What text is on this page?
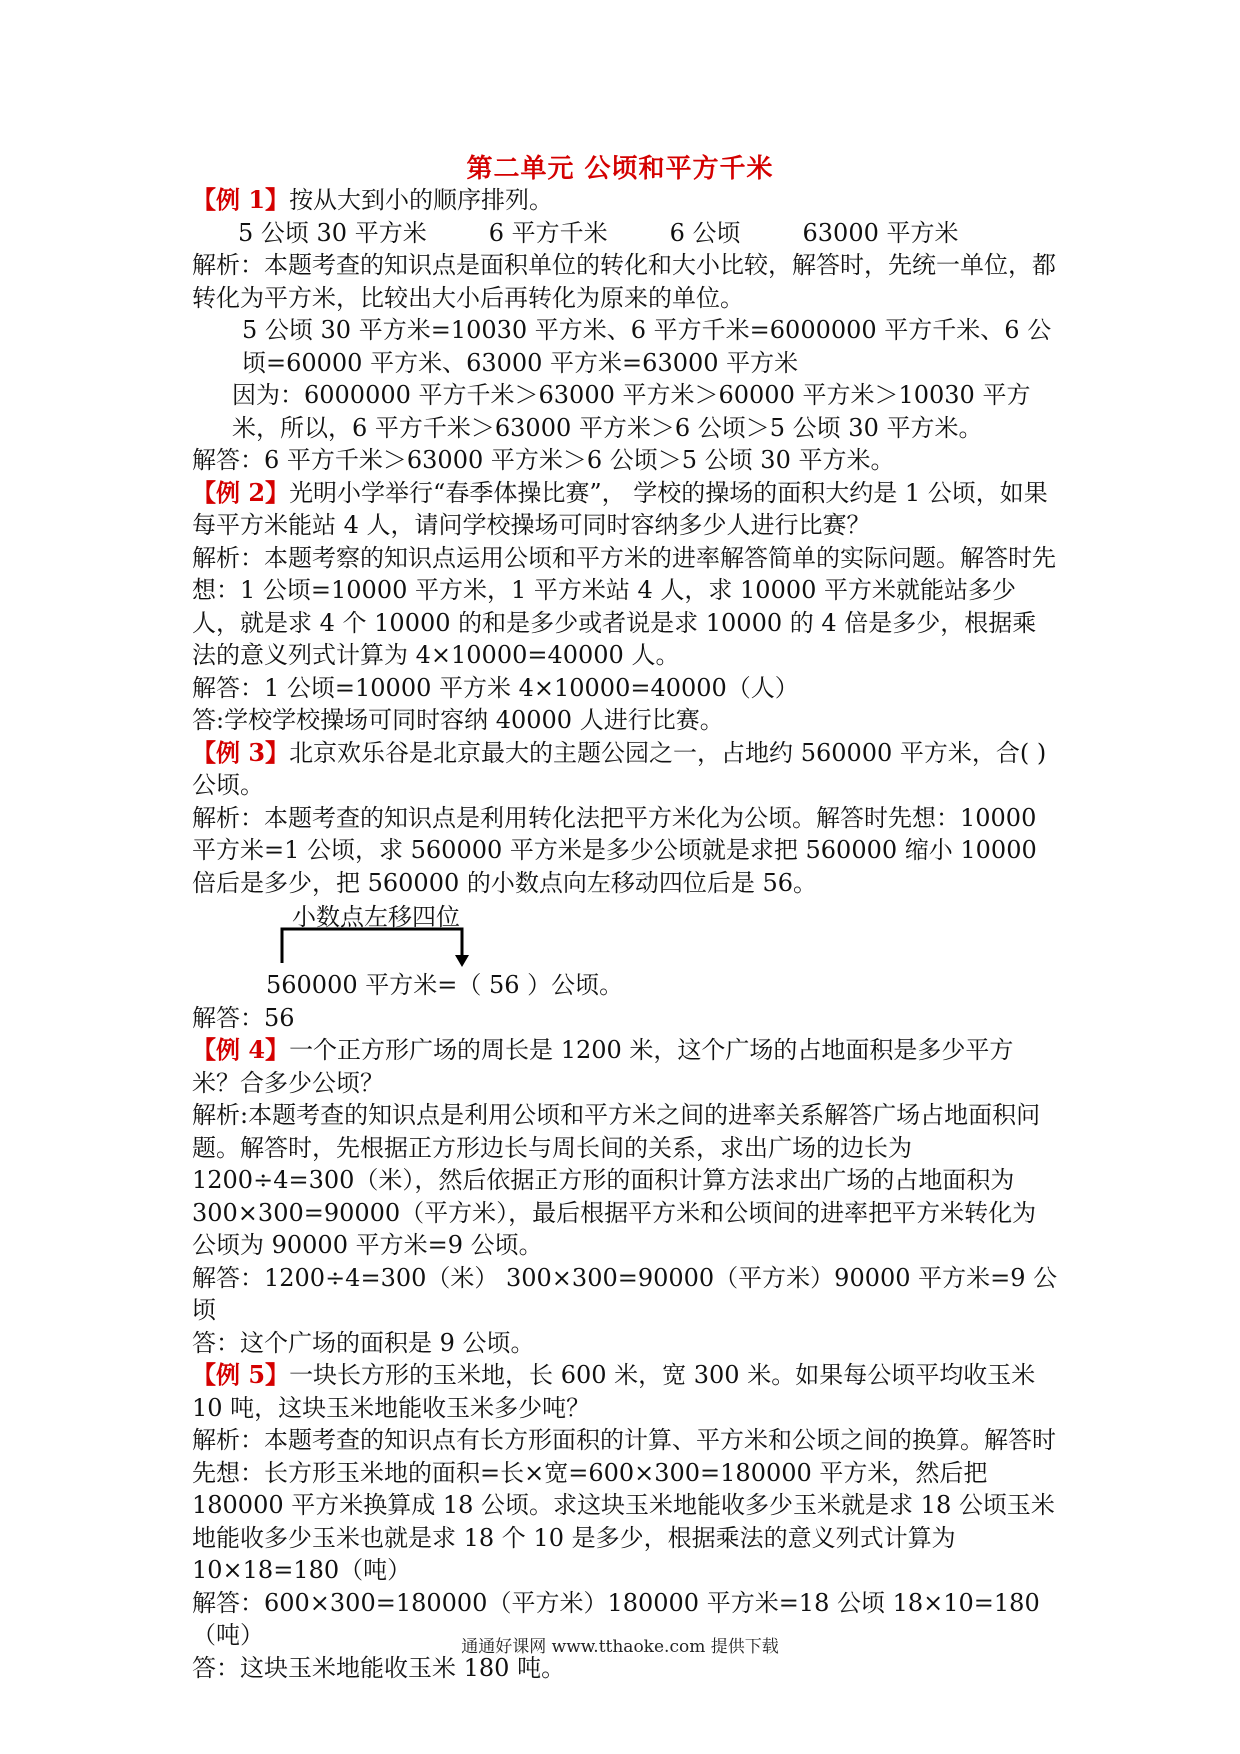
第二单元 公顷和平方千米

【例 1】按从大到小的顺序排列。

5 公顷 30 平方米	6 平方千米	6 公顷	63000 平方米

解析：本题考查的知识点是面积单位的转化和大小比较，解答时，先统一单位，都转化为平方米，比较出大小后再转化为原来的单位。

5 公顷 30 平方米=10030 平方米、6 平方千米=6000000 平方千米、6 公顷=60000 平方米、63000 平方米=63000 平方米

因为：6000000 平方千米＞63000 平方米＞60000 平方米＞10030 平方米，所以，6 平方千米＞63000 平方米＞6 公顷＞5 公顷 30 平方米。

解答：6 平方千米＞63000 平方米＞6 公顷＞5 公顷 30 平方米。

【例 2】光明小学举行“春季体操比赛”， 学校的操场的面积大约是 1 公顷，如果每平方米能站 4 人，请问学校操场可同时容纳多少人进行比赛？

解析：本题考察的知识点运用公顷和平方米的进率解答简单的实际问题。解答时先想：1 公顷=10000 平方米，1 平方米站 4 人，求 10000 平方米就能站多少人，就是求 4 个 10000 的和是多少或者说是求 10000 的 4 倍是多少，根据乘法的意义列式计算为 4×10000=40000 人。

解答：1 公顷=10000 平方米 4×10000=40000（人）

答:学校学校操场可同时容纳 40000 人进行比赛。

【例 3】北京欢乐谷是北京最大的主题公园之一，占地约 560000 平方米，合( )公顷。

解析：本题考查的知识点是利用转化法把平方米化为公顷。解答时先想：10000 平方米=1 公顷，求 560000 平方米是多少公顷就是求把 560000 缩小 10000 倍后是多少，把 560000 的小数点向左移动四位后是 56。

小数点左移四位

560000 平方米=（ 56 ）公顷。

解答：56

【例 4】一个正方形广场的周长是 1200 米，这个广场的占地面积是多少平方米？合多少公顷？

解析:本题考查的知识点是利用公顷和平方米之间的进率关系解答广场占地面积问题。解答时，先根据正方形边长与周长间的关系，求出广场的边长为 1200÷4=300（米），然后依据正方形的面积计算方法求出广场的占地面积为 300×300=90000（平方米），最后根据平方米和公顷间的进率把平方米转化为公顷为 90000 平方米=9 公顷。

解答：1200÷4=300（米） 300×300=90000（平方米）90000 平方米=9 公顷

答：这个广场的面积是 9 公顷。

【例 5】一块长方形的玉米地，长 600 米，宽 300 米。如果每公顷平均收玉米 10 吨，这块玉米地能收玉米多少吨？

解析：本题考查的知识点有长方形面积的计算、平方米和公顷之间的换算。解答时先想：长方形玉米地的面积=长×宽=600×300=180000 平方米，然后把 180000 平方米换算成 18 公顷。求这块玉米地能收多少玉米就是求 18 公顷玉米地能收多少玉米也就是求 18 个 10 是多少，根据乘法的意义列式计算为 10×18=180（吨）

解答：600×300=180000（平方米）180000 平方米=18 公顷 18×10=180（吨）

答：这块玉米地能收玉米 180 吨。

通通好课网 www.tthaoke.com 提供下载
